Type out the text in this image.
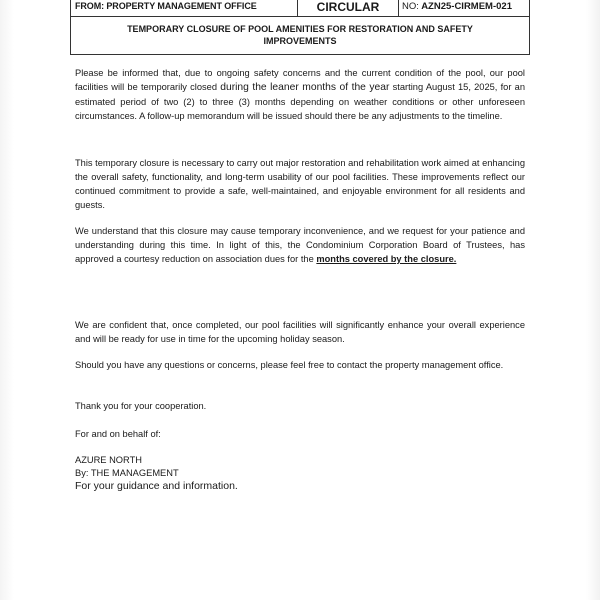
FROM: PROPERTY MANAGEMENT OFFICE	CIRCULAR	NO: AZN25-CIRMEM-021
TEMPORARY CLOSURE OF POOL AMENITIES FOR RESTORATION AND SAFETY
IMPROVEMENTS
Please be informed that, due to ongoing safety concerns and the current condition of the pool, our pool facilities will be temporarily closed during the leaner months of the year starting August 15, 2025, for an estimated period of two (2) to three (3) months depending on weather conditions or other unforeseen circumstances. A follow-up memorandum will be issued should there be any adjustments to the timeline.
This temporary closure is necessary to carry out major restoration and rehabilitation work aimed at enhancing the overall safety, functionality, and long-term usability of our pool facilities. These improvements reflect our continued commitment to provide a safe, well-maintained, and enjoyable environment for all residents and guests.
We understand that this closure may cause temporary inconvenience, and we request for your patience and understanding during this time. In light of this, the Condominium Corporation Board of Trustees, has approved a courtesy reduction on association dues for the months covered by the closure.
We are confident that, once completed, our pool facilities will significantly enhance your overall experience and will be ready for use in time for the upcoming holiday season.
Should you have any questions or concerns, please feel free to contact the property management office.
Thank you for your cooperation.
For and on behalf of:
AZURE NORTH
By: THE MANAGEMENT
For your guidance and information.
